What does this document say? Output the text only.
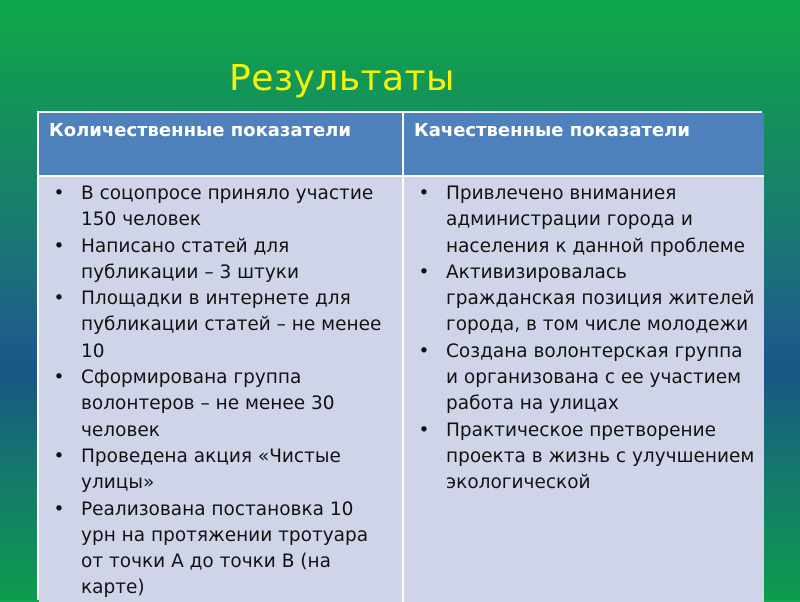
Результаты
Количественные показатели	Качественные показатели
• В соцопросе приняло участие 150 человек
• Написано статей для публикации – 3 штуки
• Площадки в интернете для публикации статей – не менее 10
• Сформирована группа волонтеров – не менее 30 человек
• Проведена акция «Чистые улицы»
• Реализована постановка 10 урн на протяжении тротуара от точки А до точки В (на карте)
• Привлечено вниманиея администрации города и населения к данной проблеме
• Активизировалась гражданская позиция жителей города, в том числе молодежи
• Создана волонтерская группа и организована с ее участием работа на улицах
• Практическое претворение проекта в жизнь с улучшением экологической
